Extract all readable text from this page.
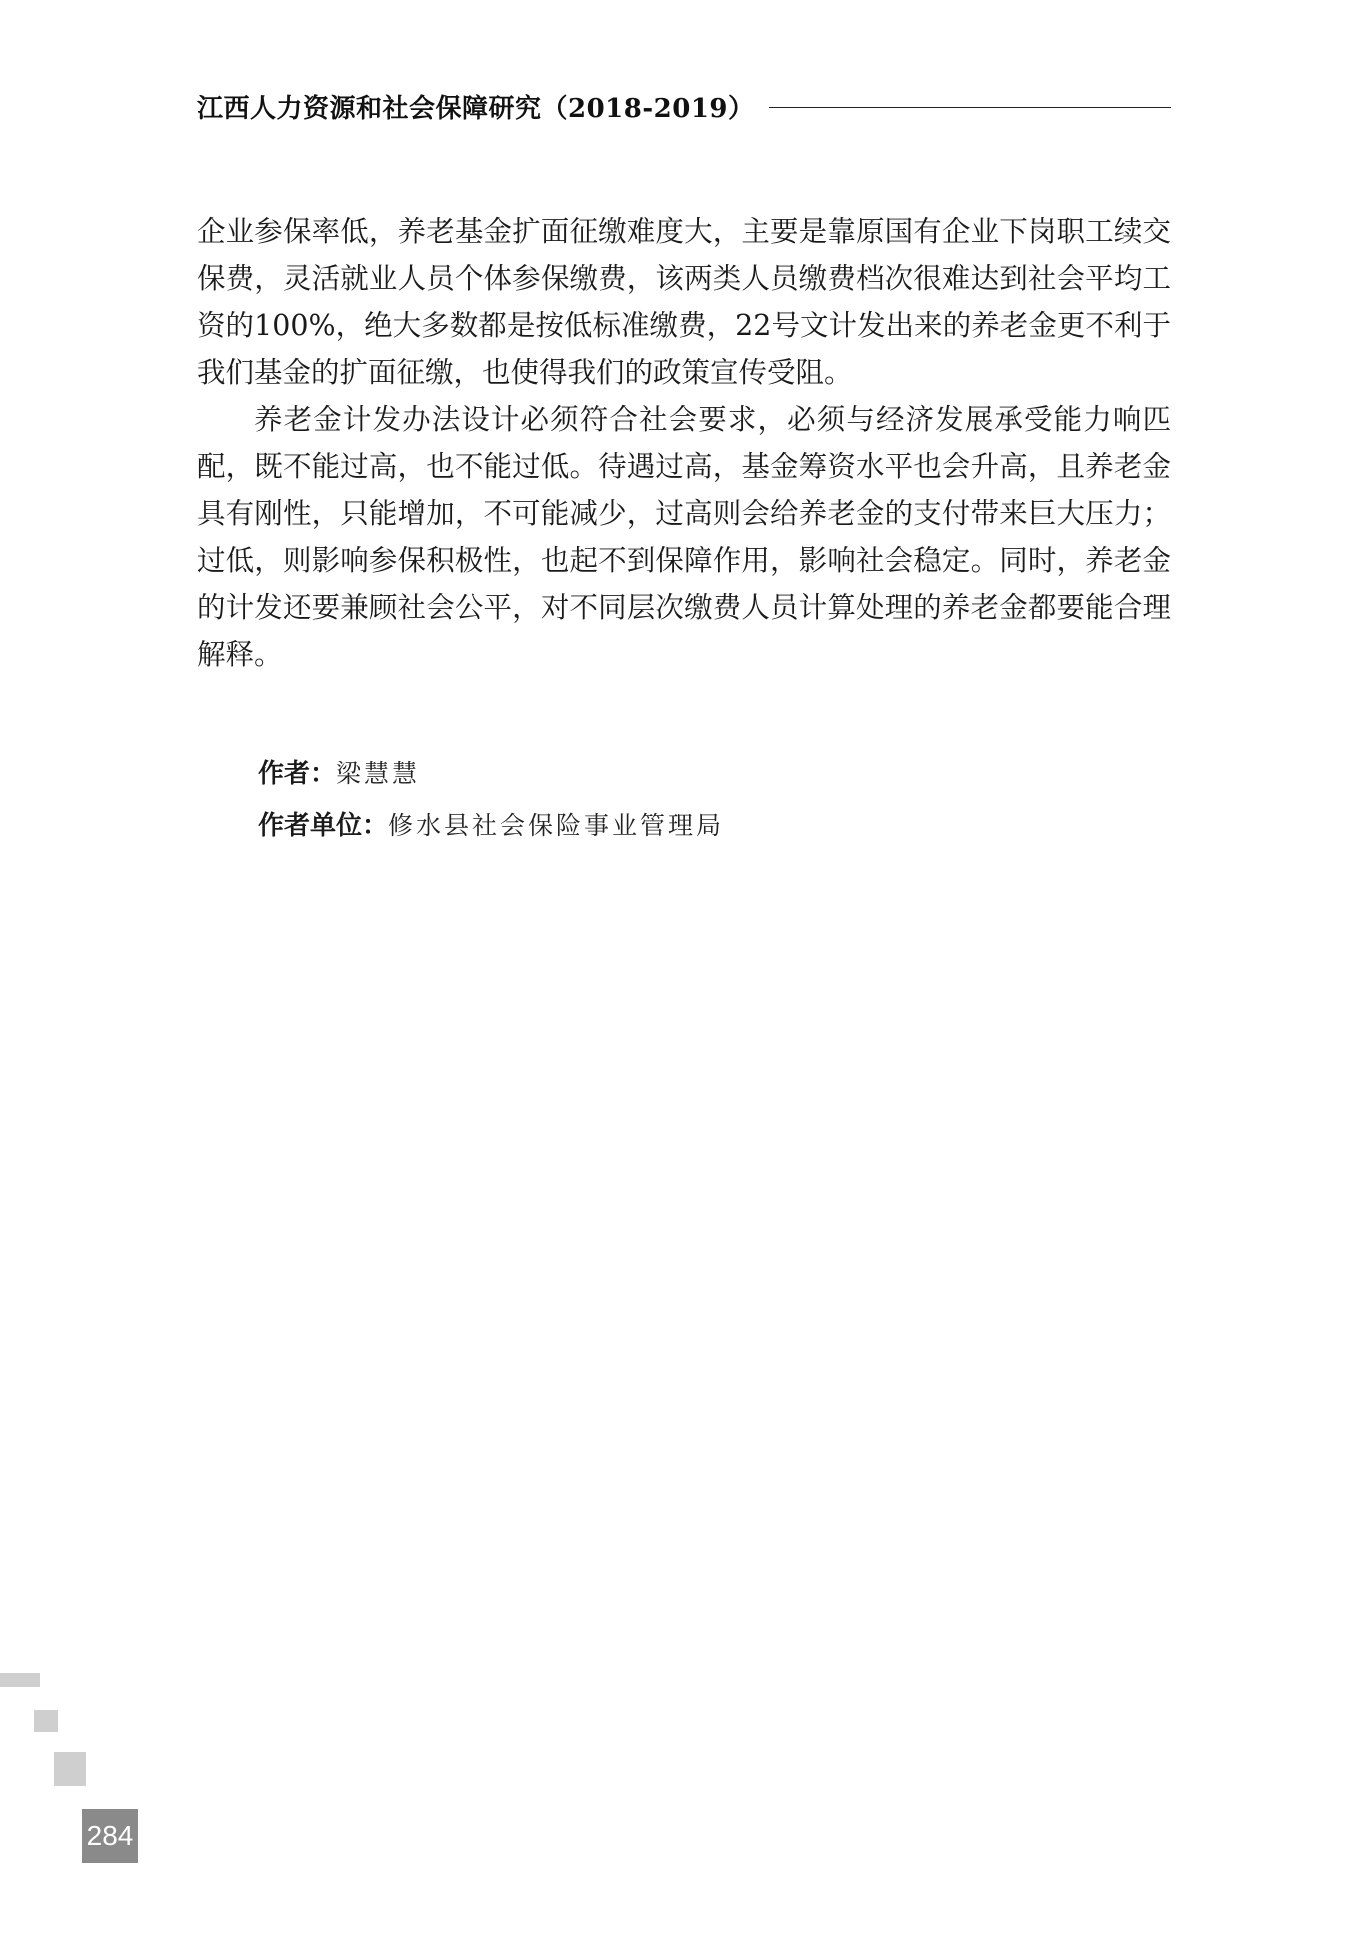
江西人力资源和社会保障研究（2018-2019）

企业参保率低，养老基金扩面征缴难度大，主要是靠原国有企业下岗职工续交保费，灵活就业人员个体参保缴费，该两类人员缴费档次很难达到社会平均工资的100%，绝大多数都是按低标准缴费，22号文计发出来的养老金更不利于我们基金的扩面征缴，也使得我们的政策宣传受阻。

养老金计发办法设计必须符合社会要求，必须与经济发展承受能力响匹配，既不能过高，也不能过低。待遇过高，基金筹资水平也会升高，且养老金具有刚性，只能增加，不可能减少，过高则会给养老金的支付带来巨大压力；过低，则影响参保积极性，也起不到保障作用，影响社会稳定。同时，养老金的计发还要兼顾社会公平，对不同层次缴费人员计算处理的养老金都要能合理解释。

作者：梁慧慧
作者单位：修水县社会保险事业管理局
284
